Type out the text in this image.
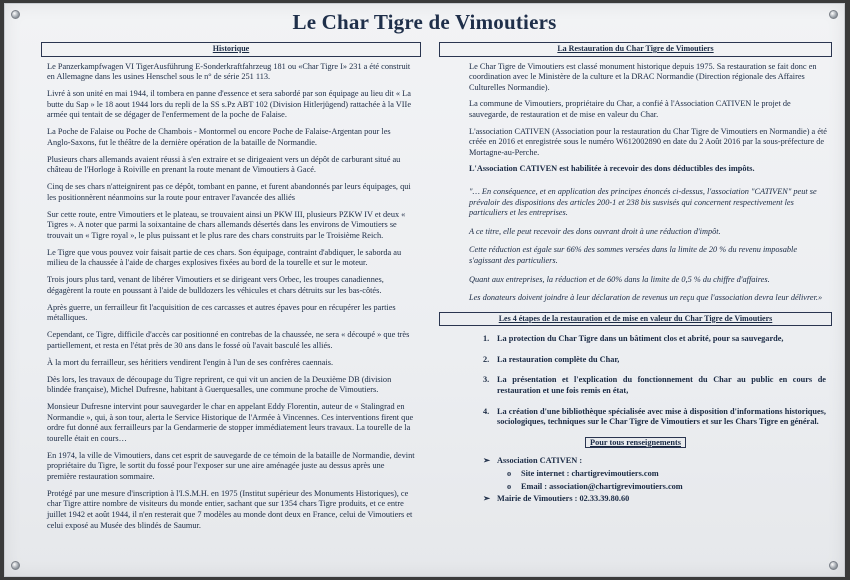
Le Char Tigre de Vimoutiers
Historique

Le Panzerkampfwagen VI TigerAusführung E-Sonderkraftfahrzeug 181 ou «Char Tigre I» 231 a été construit en Allemagne dans les usines Henschel sous le n° de série 251 113.

Livré à son unité en mai 1944, il tombera en panne d'essence et sera sabordé par son équipage au lieu dit « La butte du Sap » le 18 aout 1944 lors du repli de la SS s.Pz ABT 102 (Division Hitlerjügend) rattachée à la VIIe armée qui tentait de se dégager de l'enfermement de la poche de Falaise.

La Poche de Falaise ou Poche de Chambois - Montormel ou encore Poche de Falaise-Argentan pour les Anglo-Saxons, fut le théâtre de la dernière opération de la bataille de Normandie.

Plusieurs chars allemands avaient réussi à s'en extraire et se dirigeaient vers un dépôt de carburant situé au château de l'Horloge à Roiville en prenant la route menant de Vimoutiers à Gacé.

Cinq de ses chars n'atteignirent pas ce dépôt, tombant en panne, et furent abandonnés par leurs équipages, qui les positionnèrent néanmoins sur la route pour entraver l'avancée des alliés

Sur cette route, entre Vimoutiers et le plateau, se trouvaient ainsi un PKW III, plusieurs PZKW IV et deux « Tigres ». A noter que parmi la soixantaine de chars allemands désertés dans les environs de Vimoutiers se trouvait un « Tigre royal », le plus puissant et le plus rare des chars construits par le Troisième Reich.

Le Tigre que vous pouvez voir faisait partie de ces chars. Son équipage, contraint d'abdiquer, le saborda au milieu de la chaussée à l'aide de charges explosives fixées au bord de la tourelle et sur le moteur.

Trois jours plus tard, venant de libérer Vimoutiers et se dirigeant vers Orbec, les troupes canadiennes, dégagèrent la route en poussant à l'aide de bulldozers les véhicules et chars détruits sur les bas-côtés.

Après guerre, un ferrailleur fit l'acquisition de ces carcasses et autres épaves pour en récupérer les parties métalliques.

Cependant, ce Tigre, difficile d'accès car positionné en contrebas de la chaussée, ne sera « découpé » que très partiellement, et resta en l'état près de 30 ans dans le fossé où l'avait basculé les alliés.

À la mort du ferrailleur, ses héritiers vendirent l'engin à l'un de ses confrères caennais.

Dès lors, les travaux de découpage du Tigre reprirent, ce qui vit un ancien de la Deuxième DB (division blindée française), Michel Dufresne, habitant à Guerquesalles, une commune proche de Vimoutiers.

Monsieur Dufresne intervint pour sauvegarder le char en appelant Eddy Florentin, auteur de « Stalingrad en Normandie », qui, à son tour, alerta le Service Historique de l'Armée à Vincennes. Ces interventions firent que ordre fut donné aux ferrailleurs par la Gendarmerie de stopper immédiatement leurs travaux. La tourelle de la tourelle était en cours…

En 1974, la ville de Vimoutiers, dans cet esprit de sauvegarde de ce témoin de la bataille de Normandie, devint propriétaire du Tigre, le sortit du fossé pour l'exposer sur une aire aménagée juste au dessus après une première restauration sommaire.

Protégé par une mesure d'inscription à l'I.S.M.H. en 1975 (Institut supérieur des Monuments Historiques), ce char Tigre attire nombre de visiteurs du monde entier, sachant que sur 1354 chars Tigre produits, et ce entre juillet 1942 et août 1944, il n'en resterait que 7 modèles au monde dont deux en France, celui de Vimoutiers et celui exposé au Musée des blindés de Saumur.

La Restauration du Char Tigre de Vimoutiers

Le Char Tigre de Vimoutiers est classé monument historique depuis 1975. Sa restauration se fait donc en coordination avec le Ministère de la culture et la DRAC Normandie (Direction régionale des Affaires Culturelles Normandie).

La commune de Vimoutiers, propriétaire du Char, a confié à l'Association CATIVEN le projet de sauvegarde, de restauration et de mise en valeur du Char.

L'association CATIVEN (Association pour la restauration du Char Tigre de Vimoutiers en Normandie) a été créée en 2016 et enregistrée sous le numéro W612002890 en date du 2 Août 2016 par la sous-préfecture de Mortagne-au-Perche.

L'Association CATIVEN est habilitée à recevoir des dons déductibles des impôts.

"… En conséquence, et en application des principes énoncés ci-dessus, l'association "CATIVEN" peut se prévaloir des dispositions des articles 200-1 et 238 bis susvisés qui concernent respectivement les particuliers et les entreprises.

A ce titre, elle peut recevoir des dons ouvrant droit à une réduction d'impôt.

Cette réduction est égale sur 66% des sommes versées dans la limite de 20 % du revenu imposable s'agissant des particuliers.

Quant aux entreprises, la réduction et de 60% dans la limite de 0,5 % du chiffre d'affaires.

Les donateurs doivent joindre à leur déclaration de revenus un reçu que l'association devra leur délivrer.»

Les 4 étapes de la restauration et de mise en valeur du Char Tigre de Vimoutiers
1. La protection du Char Tigre dans un bâtiment clos et abrité, pour sa sauvegarde,
2. La restauration complète du Char,
3. La présentation et l'explication du fonctionnement du Char au public en cours de restauration et une fois remis en état,
4. La création d'une bibliothèque spécialisée avec mise à disposition d'informations historiques, sociologiques, techniques sur le Char Tigre de Vimoutiers et sur les Chars Tigre en général.
Pour tous renseignements
➢ Association CATIVEN :
o	Site internet : chartigrevimoutiers.com
o	Email : association@chartigrevimoutiers.com
➢ Mairie de Vimoutiers : 02.33.39.80.60
